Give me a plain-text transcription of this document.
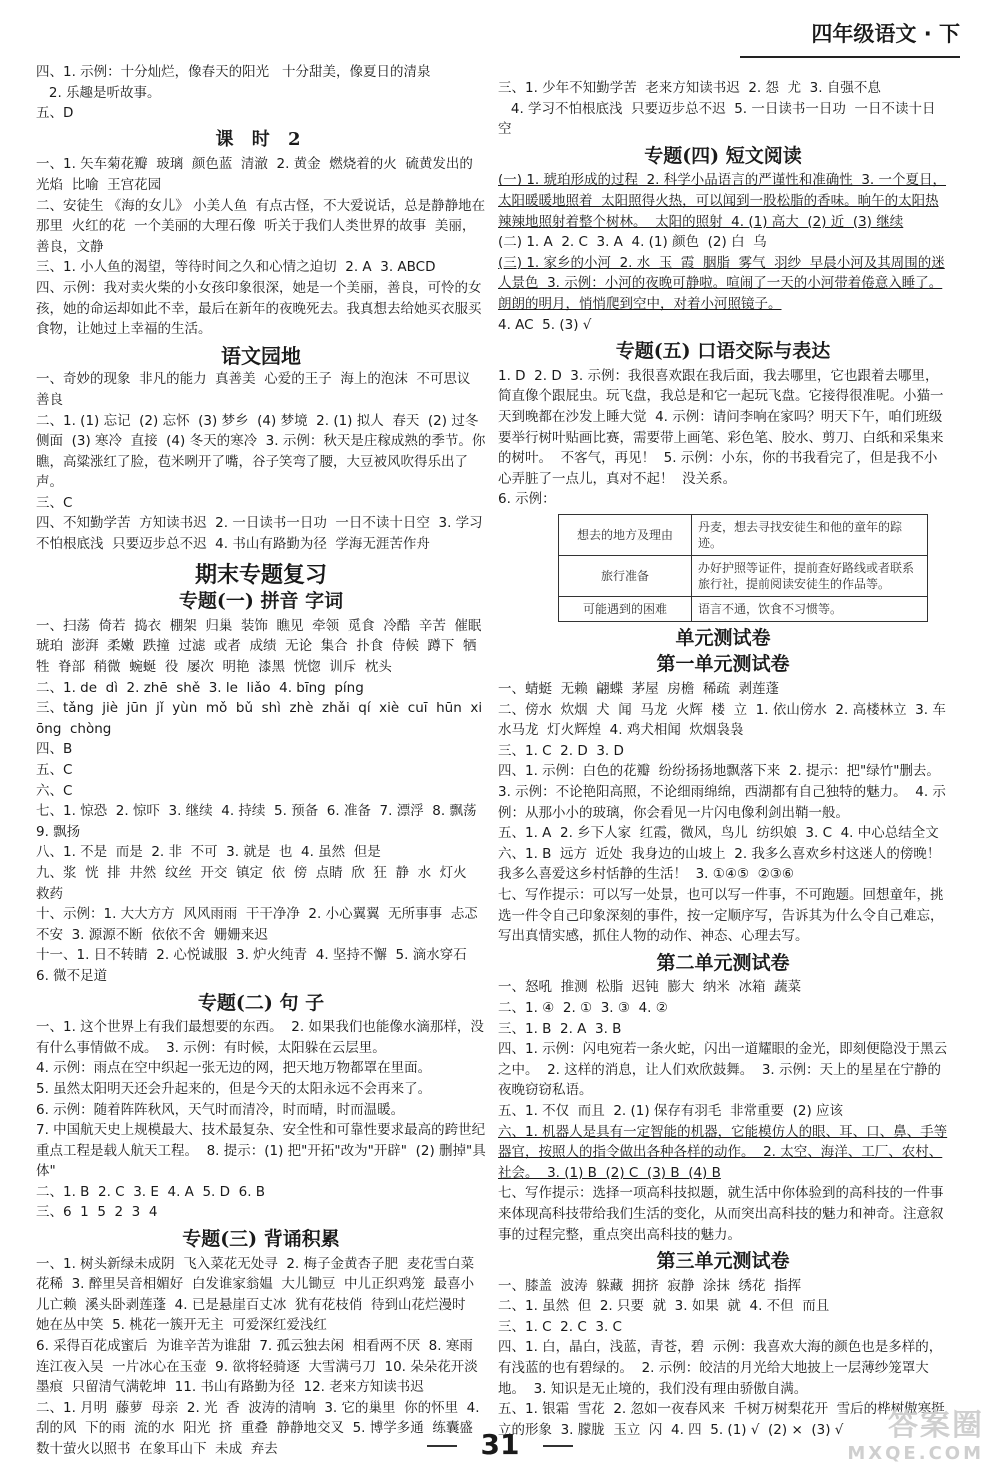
四年级语文 · 下

四、1. 示例：十分灿烂，像春天的阳光   十分甜美，像夏日的清泉

2. 乐趣是听故事。

五、D

课 时 2

一、1. 矢车菊花瓣  玻璃  颜色蓝  清澈  2. 黄金  燃烧着的火  硫黄发出的光焰  比喻  王宫花园

二、安徒生 《海的女儿》 小美人鱼  有点古怪，不大爱说话，总是静静地在那里  火红的花  一个美丽的大理石像  听关于我们人类世界的故事  美丽，善良，文静

三、1. 小人鱼的渴望，等待时间之久和心情之迫切  2. A  3. ABCD

四、示例：我对卖火柴的小女孩印象很深，她是一个美丽，善良，可怜的女孩，她的命运却如此不幸，最后在新年的夜晚死去。我真想去给她买衣服买食物，让她过上幸福的生活。

语文园地

一、奇妙的现象  非凡的能力  真善美  心爱的王子  海上的泡沫  不可思议  善良

二、1. (1) 忘记  (2) 忘怀  (3) 梦乡  (4) 梦境  2. (1) 拟人  春天  (2) 过冬  侧面  (3) 寒冷  直接  (4) 冬天的寒冷  3. 示例：秋天是庄稼成熟的季节。你瞧，高粱涨红了脸，苞米咧开了嘴，谷子笑弯了腰，大豆被风吹得乐出了声。

三、C

四、不知勤学苦  方知读书迟  2. 一日读书一日功  一日不读十日空  3. 学习不怕根底浅  只要迈步总不迟  4. 书山有路勤为径  学海无涯苦作舟

期末专题复习
专题(一) 拼音 字词

一、扫荡  倚若  捣衣  棚架  归巢  装饰  瞧见  牵领  觅食  冷酷  辛苦  催眠  琥珀  澎湃  柔嫩  跌撞  过滤  或者  成绩  无论  集合  扑食  侍候  蹲下  牺牲  脊部  稍微  蜿蜒  役  屡次  明艳  漆黑  恍惚  训斥  枕头

二、1. de  dì  2. zhē  shě  3. le  liǎo  4. bīng  píng

三、tǎng  jiè  jūn  jǐ  yùn  mǒ  bǔ  shì  zhè  zhǎi  qí  xiè  cuī  hūn  xiōng  chòng

四、B

五、C

六、C

七、1. 惊恐  2. 惊吓  3. 继续  4. 持续  5. 预备  6. 准备  7. 漂浮  8. 飘荡  9. 飘扬

八、1. 不是  而是  2. 非  不可  3. 就是  也  4. 虽然  但是

九、浆  恍  排  井然  纹丝  开交  镇定  依  傍  点睛  欣  狂  静  水  灯火  救药

十、示例：1. 大大方方  风风雨雨  干干净净  2. 小心翼翼  无所事事  忐忑不安  3. 源源不断  依依不舍  姗姗来迟

十一、1. 日不转睛  2. 心悦诚服  3. 炉火纯青  4. 坚持不懈  5. 滴水穿石  6. 微不足道

专题(二) 句 子

一、1. 这个世界上有我们最想要的东西。  2. 如果我们也能像水滴那样，没有什么事情做不成。  3. 示例：有时候，太阳躲在云层里。

4. 示例：雨点在空中织起一张无边的网，把天地万物都罩在里面。

5. 虽然太阳明天还会升起来的，但是今天的太阳永远不会再来了。

6. 示例：随着阵阵秋风，天气时而清冷，时而晴，时而温暖。

7. 中国航天史上规模最大、技术最复杂、安全性和可靠性要求最高的跨世纪重点工程是载人航天工程。  8. 提示：(1) 把"开拓"改为"开辟"  (2) 删掉"具体"

二、1. B  2. C  3. E  4. A  5. D  6. B

三、6  1  5  2  3  4

专题(三) 背诵积累

一、1. 树头新绿未成阴  飞入菜花无处寻  2. 梅子金黄杏子肥  麦花雪白菜花稀  3. 醉里吴音相媚好  白发谁家翁媪  大儿锄豆  中儿正织鸡笼  最喜小儿亡赖  溪头卧剥莲蓬  4. 已是悬崖百丈冰  犹有花枝俏  待到山花烂漫时  她在丛中笑  5. 桃花一簇开无主  可爱深红爱浅红

6. 采得百花成蜜后  为谁辛苦为谁甜  7. 孤云独去闲  相看两不厌  8. 寒雨连江夜入吴  一片冰心在玉壶  9. 欲将轻骑逐  大雪满弓刀  10. 朵朵花开淡墨痕  只留清气满乾坤  11. 书山有路勤为径  12. 老来方知读书迟

二、1. 月明  藤萝  母亲  2. 光  香  波涛的清响  3. 它的巢里  你的怀里  4. 刮的风  下的雨  流的水  阳光  挤  重叠  静静地交叉  5. 博学多通  练囊盛数十萤火以照书  在象耳山下  未成  弃去

三、1. 少年不知勤学苦  老来方知读书迟  2. 怨  尤  3. 自强不息

4. 学习不怕根底浅  只要迈步总不迟  5. 一日读书一日功  一日不读十日空

专题(四) 短文阅读

(一) 1. 琥珀形成的过程  2. 科学小品语言的严谨性和准确性  3. 一个夏日，太阳暖暖地照着  太阳照得火热，可以闻到一股松脂的香味。晌午的太阳热辣辣地照射着整个树林。  太阳的照射  4. (1) 高大  (2) 近  (3) 继续

(二) 1. A  2. C  3. A  4. (1) 颜色  (2) 白  乌

(三) 1. 家乡的小河  2. 水  玉  霞  胭脂  雾气  羽纱  早晨小河及其周围的迷人景色  3. 示例：小河的夜晚可静啦。喧闹了一天的小河带着倦意入睡了。朗朗的明月，悄悄爬到空中，对着小河照镜子。

4. AC  5. (3) √

专题(五) 口语交际与表达

1. D  2. D  3. 示例：我很喜欢跟在我后面，我去哪里，它也跟着去哪里，简直像个跟屁虫。玩飞盘，我总是和它一起玩飞盘。它接得很准呢。小猫一天到晚都在沙发上睡大觉  4. 示例：请问李响在家吗？明天下午，咱们班级要举行树叶贴画比赛，需要带上画笔、彩色笔、胶水、剪刀、白纸和采集来的树叶。  不客气，再见！  5. 示例：小东，你的书我看完了，但是我不小心弄脏了一点儿，真对不起！  没关系。

6. 示例：

想去的地方及理由	丹麦，想去寻找安徒生和他的童年的踪迹。
旅行准备	办好护照等证件，提前查好路线或者联系旅行社，提前阅读安徒生的作品等。
可能遇到的困难	语言不通，饮食不习惯等。
单元测试卷
第一单元测试卷

一、蜻蜓  无赖  翩蝶  茅屋  房檐  稀疏  剥莲蓬

二、傍水  炊烟  犬  闻  马龙  火辉  楼  立  1. 依山傍水  2. 高楼林立  3. 车水马龙  灯火辉煌  4. 鸡犬相闻  炊烟袅袅

三、1. C  2. D  3. D

四、1. 示例：白色的花瓣  纷纷扬扬地飘落下来  2. 提示：把"绿竹"删去。  3. 示例：不论艳阳高照，不论细雨绵绵，西湖都有自己独特的魅力。  4. 示例：从那小小的玻璃，你会看见一片闪电像利剑出鞘一般。

五、1. A  2. 乡下人家  红霞，微风，鸟儿  纺织娘  3. C  4. 中心总结全文

六、1. B  远方  近处  我身边的山坡上  2. 我多么喜欢乡村这迷人的傍晚！我多么喜爱这乡村恬静的生活！  3. ①④⑤  ②③⑥

七、写作提示：可以写一处景，也可以写一件事，不可跑题。回想童年，挑选一件令自己印象深刻的事件，按一定顺序写，告诉其为什么令自己难忘，写出真情实感，抓住人物的动作、神态、心理去写。

第二单元测试卷

一、怒吼  推测  松脂  迟钝  膨大  纳米  冰箱  蔬菜

二、1. ④  2. ①  3. ③  4. ②

三、1. B  2. A  3. B

四、1. 示例：闪电宛若一条火蛇，闪出一道耀眼的金光，即刻便隐没于黑云之中。  2. 这样的消息，让人们欢欣鼓舞。  3. 示例：天上的星星在宁静的夜晚窃窃私语。

五、1. 不仅  而且  2. (1) 保存有羽毛  非常重要  (2) 应该

六、1. 机器人是具有一定智能的机器，它能模仿人的眼、耳、口、鼻、手等器官，按照人的指令做出各种各样的动作。  2. 太空、海洋、工厂、农村、社会。  3. (1) B  (2) C  (3) B  (4) B

七、写作提示：选择一项高科技拟题，就生活中你体验到的高科技的一件事来体现高科技带给我们生活的变化，从而突出高科技的魅力和神奇。注意叙事的过程完整，重点突出高科技的魅力。

第三单元测试卷

一、膝盖  波涛  躲藏  拥挤  寂静  涂抹  绣花  指挥

二、1. 虽然  但  2. 只要  就  3. 如果  就  4. 不但  而且

三、1. C  2. C  3. C

四、1. 白，晶白，浅蓝，青苍，碧  示例：我喜欢大海的颜色也是多样的，有浅蓝的也有碧绿的。  2. 示例：皎洁的月光给大地披上一层薄纱笼罩大地。  3. 知识是无止境的，我们没有理由骄傲自满。

五、1. 银霜  雪花  2. 忽如一夜春风来  千树万树梨花开  雪后的桦树傲寒挺立的形象  3. 朦胧  玉立  闪  4. 四  5. (1) √  (2) ×  (3) √

31
答案圈
MXQE.COM
